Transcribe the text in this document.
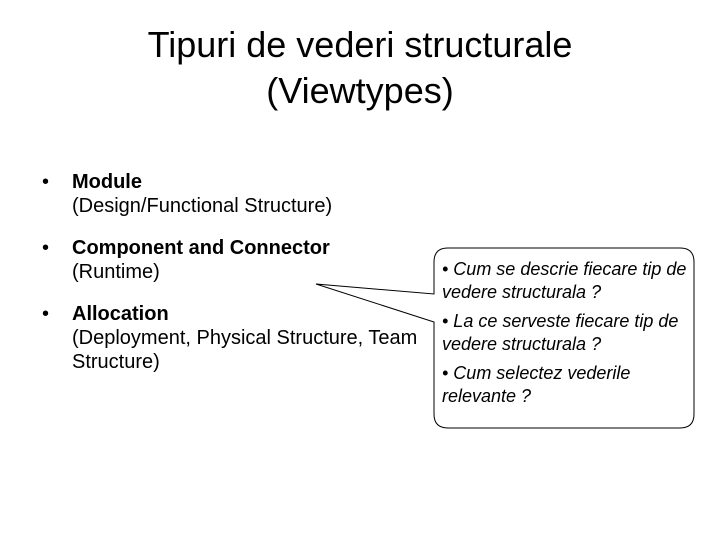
Tipuri de vederi structurale
(Viewtypes)
• Module
(Design/Functional Structure)
• Component and Connector
(Runtime)
• Allocation
(Deployment, Physical Structure, Team Structure)
• Cum se descrie fiecare tip de vedere structurala ?
• La ce serveste fiecare tip de vedere structurala ?
• Cum selectez vederile relevante ?
